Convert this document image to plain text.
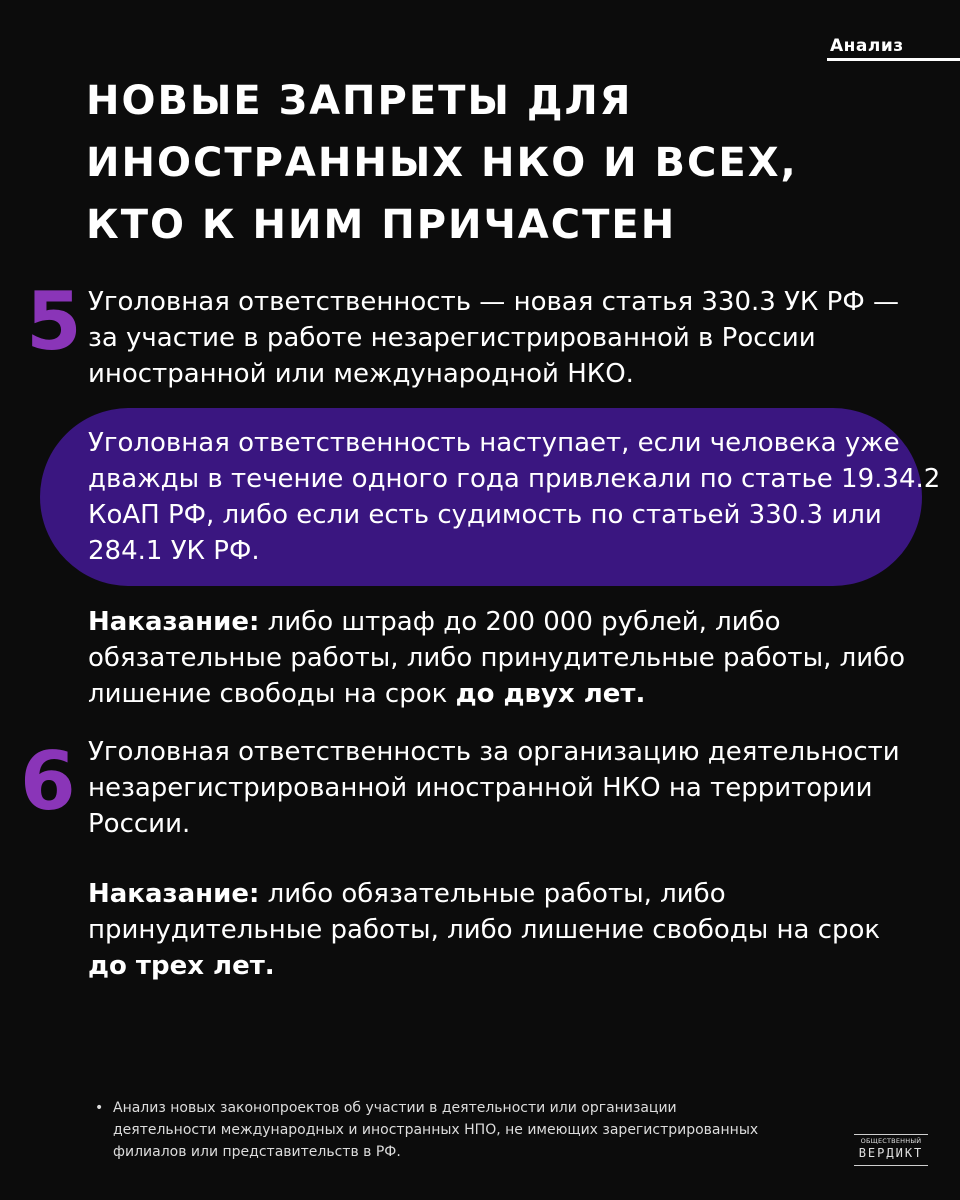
Анализ
НОВЫЕ ЗАПРЕТЫ ДЛЯ
ИНОСТРАННЫХ НКО И ВСЕХ,
КТО К НИМ ПРИЧАСТЕН
5 Уголовная ответственность — новая статья 330.3 УК РФ —
за участие в работе незарегистрированной в России
иностранной или международной НКО.

Уголовная ответственность наступает, если человека уже
дважды в течение одного года привлекали по статье 19.34.2
КоАП РФ, либо если есть судимость по статьей 330.3 или
284.1 УК РФ.

Наказание: либо штраф до 200 000 рублей, либо
обязательные работы, либо принудительные работы, либо
лишение свободы на срок до двух лет.

6 Уголовная ответственность за организацию деятельности
незарегистрированной иностранной НКО на территории
России.

Наказание: либо обязательные работы, либо
принудительные работы, либо лишение свободы на срок
до трех лет.

• Анализ новых законопроектов об участии в деятельности или организации
деятельности международных и иностранных НПО, не имеющих зарегистрированных
филиалов или представительств в РФ.
ОБЩЕСТВЕННЫЙ
ВЕРДИКТ
